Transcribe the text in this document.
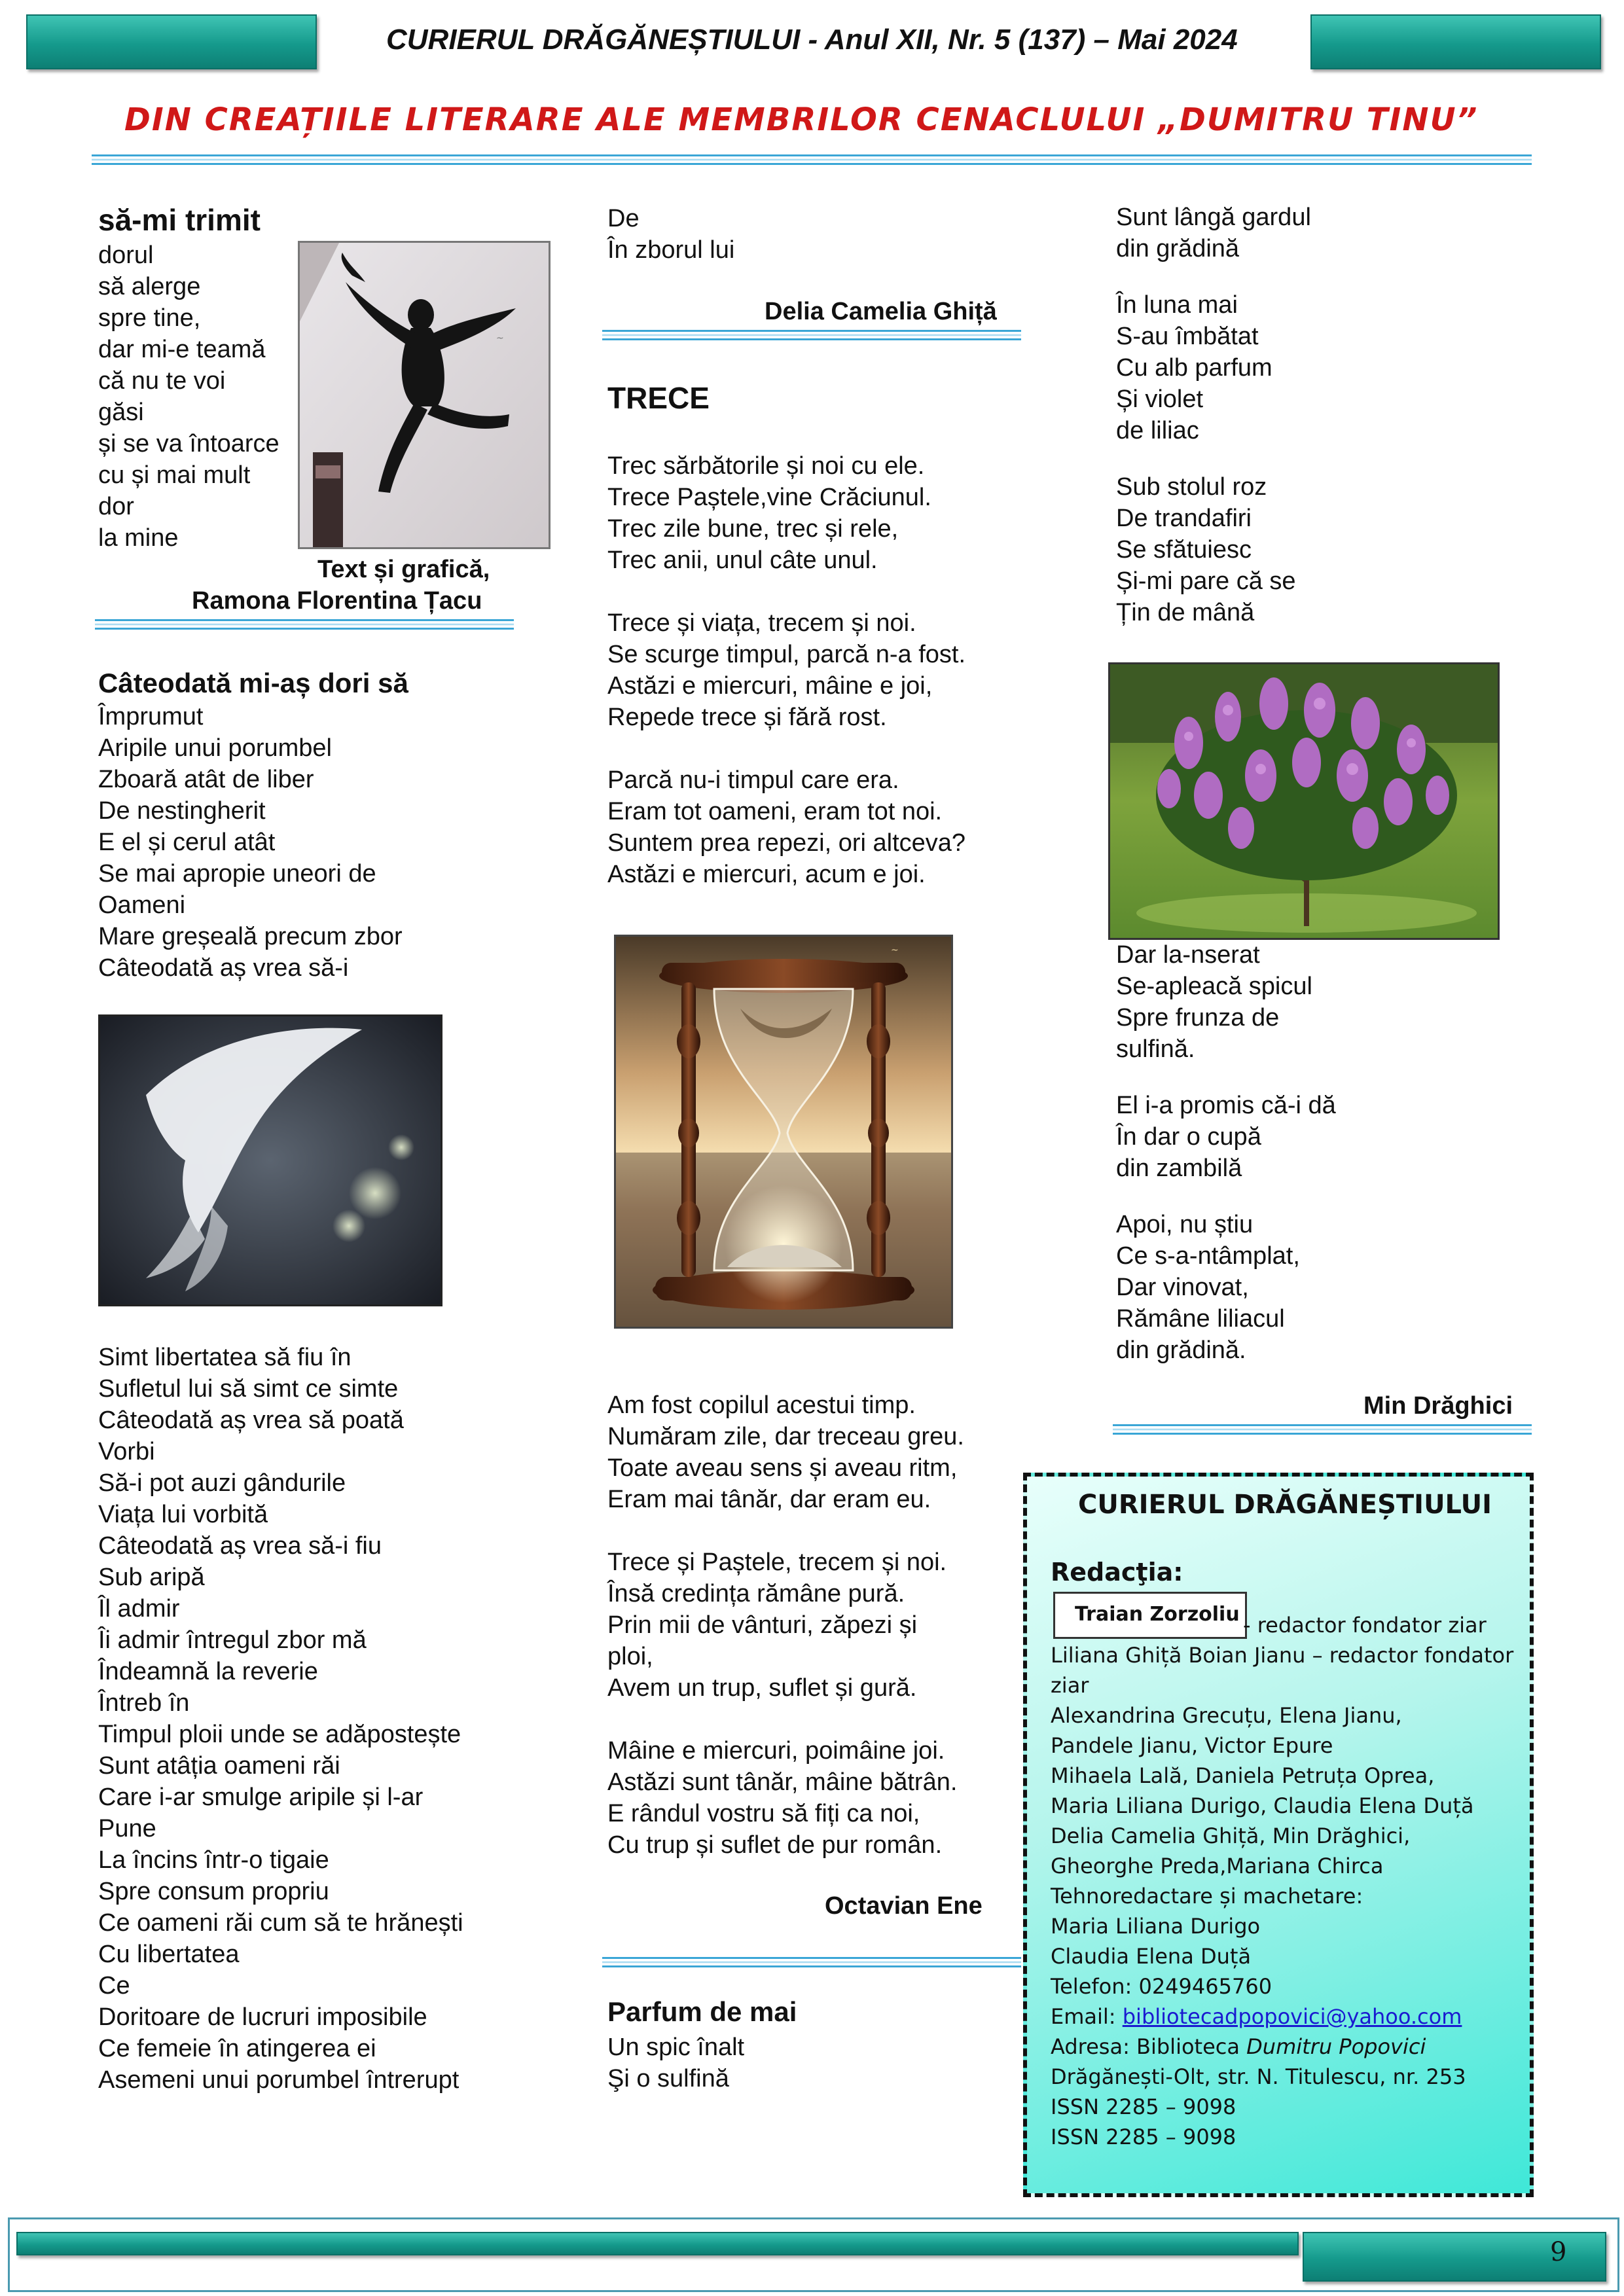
CURIERUL DRĂGĂNEȘTIULUI - Anul XII, Nr. 5 (137) – Mai 2024
DIN CREAȚIILE LITERARE ALE MEMBRILOR CENACLULUI „DUMITRU TINU”
să-mi trimit
dorul
să alerge
spre tine,
dar mi-e teamă
că nu te voi
găsi
și se va întoarce
cu și mai mult
dor
la mine
~
Text și grafică,
Ramona Florentina Țacu
Câteodată mi-aș dori să
Împrumut
Aripile unui porumbel
Zboară atât de liber
De nestingherit
E el și cerul atât
Se mai apropie uneori de
Oameni
Mare greșeală precum zbor
Câteodată aș vrea să-i
Simt libertatea să fiu în
Sufletul lui să simt ce simte
Câteodată aș vrea să poată
Vorbi
Să-i pot auzi gândurile
Viața lui vorbită
Câteodată aș vrea să-i fiu
Sub aripă
Îl admir
Îi admir întregul zbor mă
Îndeamnă la reverie
Întreb în
Timpul ploii unde se adăpostește
Sunt atâția oameni răi
Care i-ar smulge aripile și l-ar
Pune
La încins într-o tigaie
Spre consum propriu
Ce oameni răi cum să te hrănești
Cu libertatea
Ce
Doritoare de lucruri imposibile
Ce femeie în atingerea ei
Asemeni unui porumbel întrerupt
De
În zborul lui
Delia Camelia Ghiță
TRECE
Trec sărbătorile și noi cu ele.
Trece Paștele,vine Crăciunul.
Trec zile bune, trec și rele,
Trec anii, unul câte unul.
Trece și viața, trecem și noi.
Se scurge timpul, parcă n-a fost.
Astăzi e miercuri, mâine e joi,
Repede trece și fără rost.
Parcă nu-i timpul care era.
Eram tot oameni, eram tot noi.
Suntem prea repezi, ori altceva?
Astăzi e miercuri, acum e joi.
~
Am fost copilul acestui timp.
Număram zile, dar treceau greu.
Toate aveau sens și aveau ritm,
Eram mai tânăr, dar eram eu.
Trece și Paștele, trecem și noi.
Însă credința rămâne pură.
Prin mii de vânturi, zăpezi și
ploi,
Avem un trup, suflet și gură.
Mâine e miercuri, poimâine joi.
Astăzi sunt tânăr, mâine bătrân.
E rândul vostru să fiți ca noi,
Cu trup și suflet de pur român.
Octavian Ene
Parfum de mai
Un spic înalt
Şi o sulfină
Sunt lângă gardul
din grădină
În luna mai
S-au îmbătat
Cu alb parfum
Și violet
de liliac
Sub stolul roz
De trandafiri
Se sfătuiesc
Și-mi pare că se
Țin de mână
Dar la-nserat
Se-apleacă spicul
Spre frunza de
sulfină.
El i-a promis că-i dă
În dar o cupă
din zambilă
Apoi, nu știu
Ce s-a-ntâmplat,
Dar vinovat,
Rămâne liliacul
din grădină.
Min Drăghici
CURIERUL DRĂGĂNEȘTIULUI
Redacţia:
Traian Zorzoliu - redactor fondator ziar
Liliana Ghiță Boian Jianu – redactor fondator
ziar
Alexandrina Grecuțu, Elena Jianu,
Pandele Jianu, Victor Epure
Mihaela Lală, Daniela Petruța Oprea,
Maria Liliana Durigo, Claudia Elena Duță
Delia Camelia Ghiță, Min Drăghici,
Gheorghe Preda,Mariana Chirca
Tehnoredactare și machetare:
Maria Liliana Durigo
Claudia Elena Duță
Telefon: 0249465760
Email: bibliotecadpopovici@yahoo.com
Adresa: Biblioteca Dumitru Popovici
Drăgănești-Olt, str. N. Titulescu, nr. 253
ISSN 2285 – 9098
ISSN 2285 – 9098
9
